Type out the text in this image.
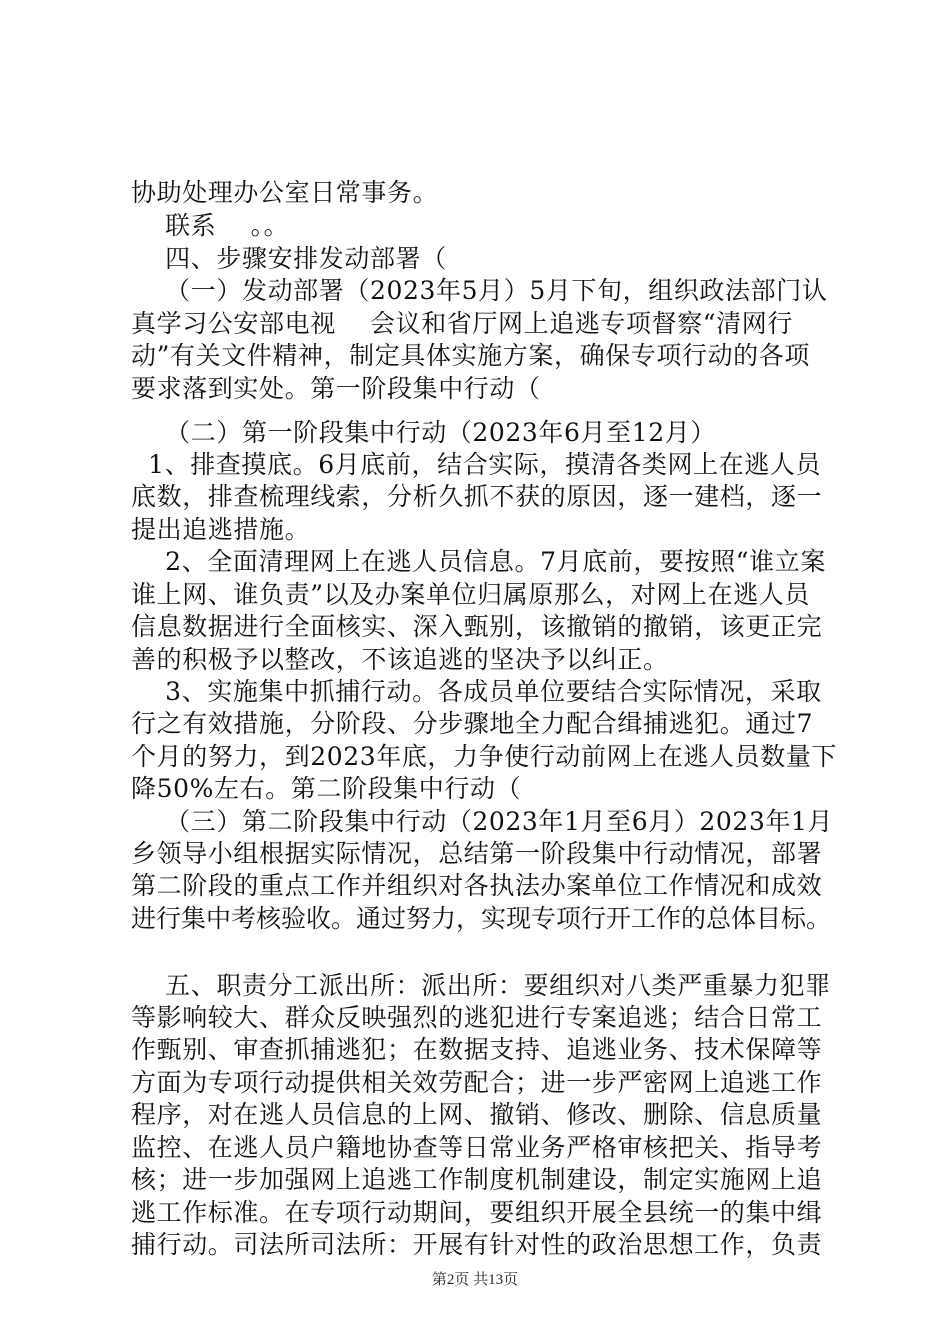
协助处理办公室日常事务。
联系    。。
四、步骤安排发动部署（
（一）发动部署（2023年5月）5月下旬，组织政法部门认
真学习公安部电视    会议和省厅网上追逃专项督察“清网行
动”有关文件精神，制定具体实施方案，确保专项行动的各项
要求落到实处。第一阶段集中行动（
（二）第一阶段集中行动（2023年6月至12月）
1、排查摸底。6月底前，结合实际，摸清各类网上在逃人员
底数，排查梳理线索，分析久抓不获的原因，逐一建档，逐一
提出追逃措施。
2、全面清理网上在逃人员信息。7月底前，要按照“谁立案
谁上网、谁负责”以及办案单位归属原那么，对网上在逃人员
信息数据进行全面核实、深入甄别，该撤销的撤销，该更正完
善的积极予以整改，不该追逃的坚决予以纠正。
3、实施集中抓捕行动。各成员单位要结合实际情况，采取
行之有效措施，分阶段、分步骤地全力配合缉捕逃犯。通过7
个月的努力，到2023年底，力争使行动前网上在逃人员数量下
降50%左右。第二阶段集中行动（
（三）第二阶段集中行动（2023年1月至6月）2023年1月
乡领导小组根据实际情况，总结第一阶段集中行动情况，部署
第二阶段的重点工作并组织对各执法办案单位工作情况和成效
进行集中考核验收。通过努力，实现专项行开工作的总体目标。
五、职责分工派出所：派出所：要组织对八类严重暴力犯罪
等影响较大、群众反映强烈的逃犯进行专案追逃；结合日常工
作甄别、审查抓捕逃犯；在数据支持、追逃业务、技术保障等
方面为专项行动提供相关效劳配合；进一步严密网上追逃工作
程序，对在逃人员信息的上网、撤销、修改、删除、信息质量
监控、在逃人员户籍地协查等日常业务严格审核把关、指导考
核；进一步加强网上追逃工作制度机制建设，制定实施网上追
逃工作标准。在专项行动期间，要组织开展全县统一的集中缉
捕行动。司法所司法所：开展有针对性的政治思想工作，负责
第2页 共13页
